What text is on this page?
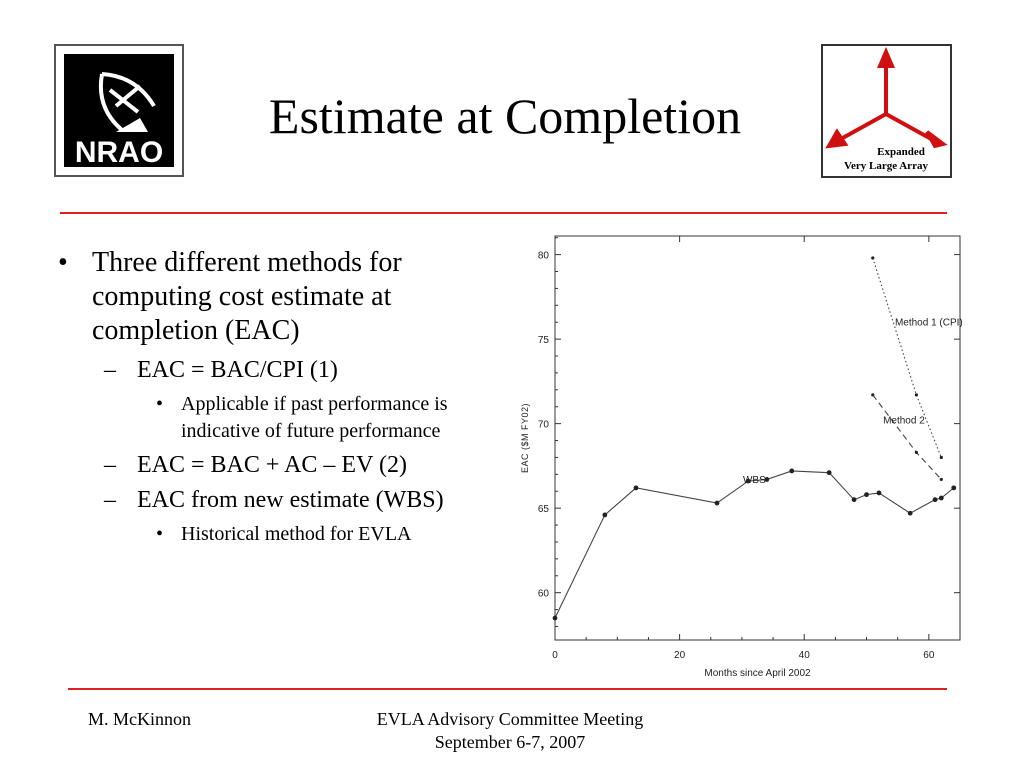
NRAO
Estimate at Completion
Expanded
Very Large Array
• Three different methods for computing cost estimate at completion (EAC)
– EAC = BAC/CPI (1)
• Applicable if past performance is indicative of future performance
– EAC = BAC + AC – EV (2)
– EAC from new estimate (WBS)
• Historical method for EVLA
0	20	40	60
60
65
70
75
80
Months since April 2002
EAC ($M FY02)
WBS
Method 1 (CPI)
Method 2
M. McKinnon	EVLA Advisory Committee Meeting
September 6-7, 2007
